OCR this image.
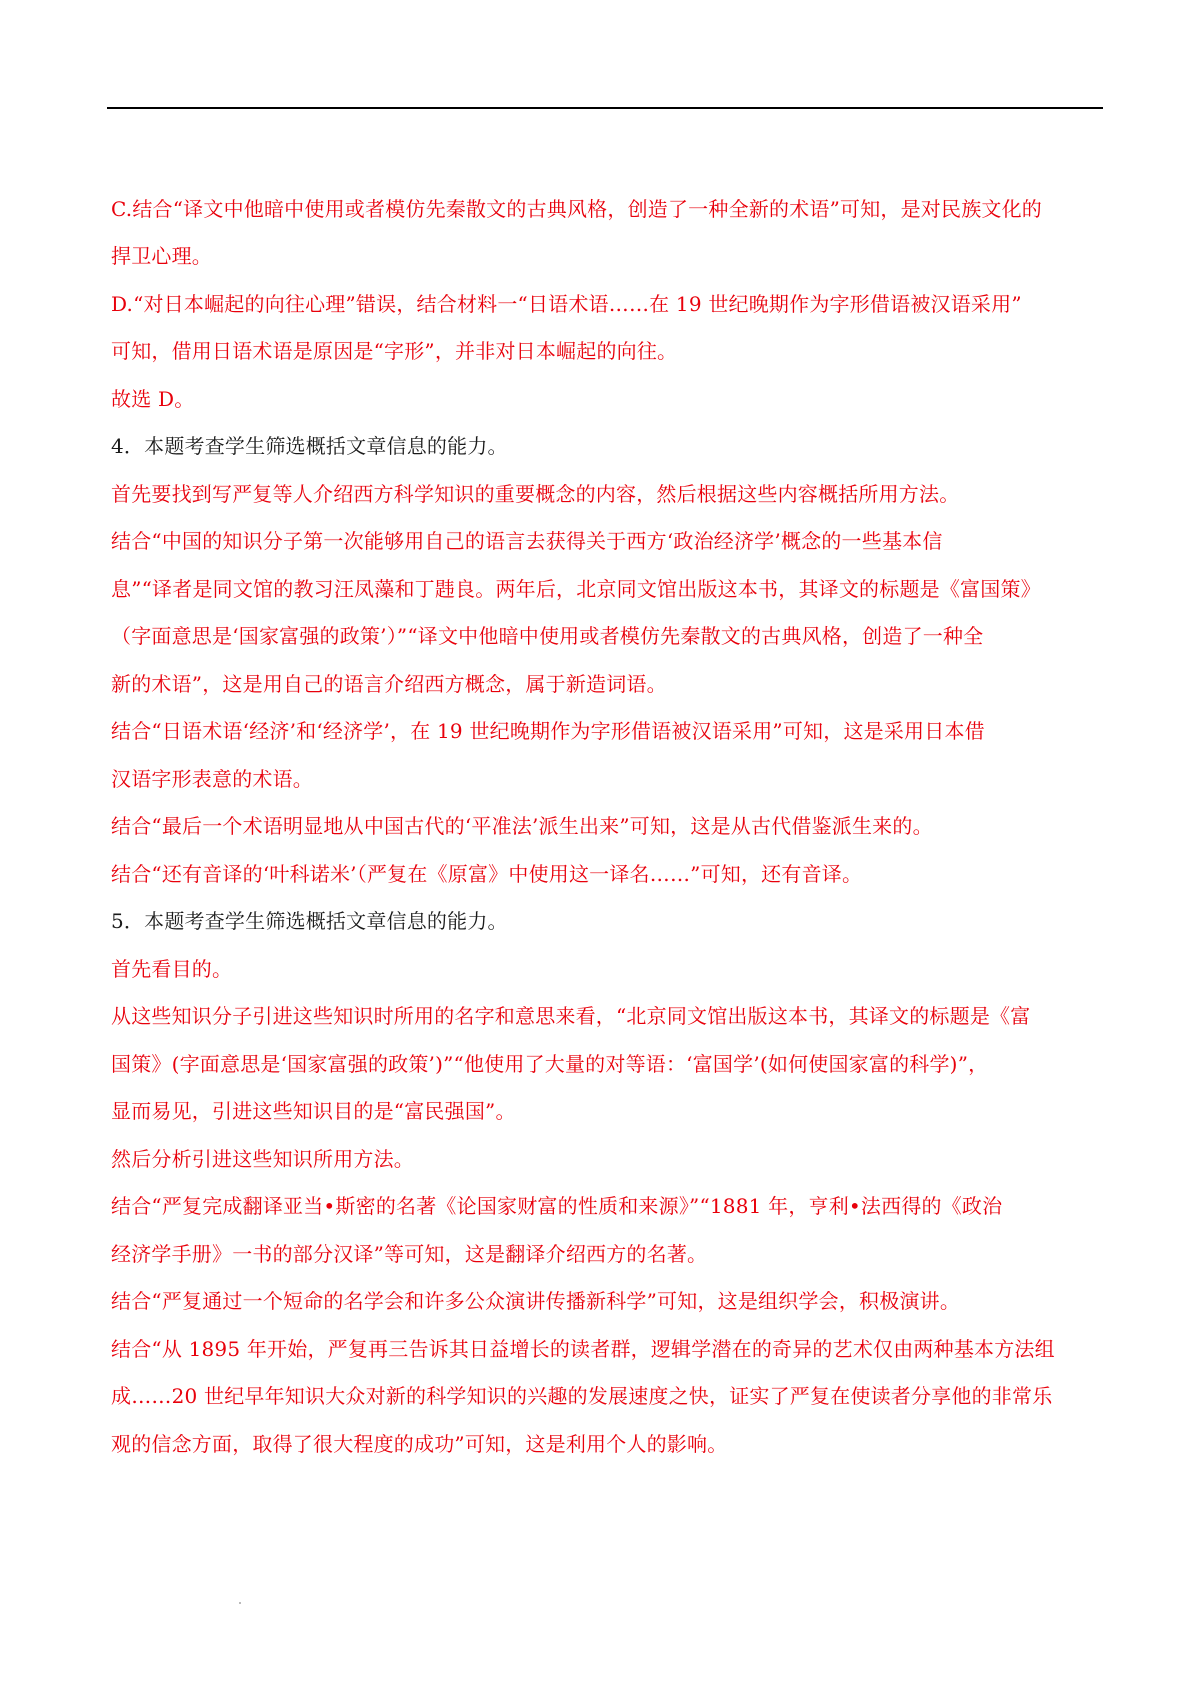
C.结合“译文中他暗中使用或者模仿先秦散文的古典风格，创造了一种全新的术语”可知，是对民族文化的
捍卫心理。
D.“对日本崛起的向往心理”错误，结合材料一“日语术语……在 19 世纪晚期作为字形借语被汉语采用”
可知，借用日语术语是原因是“字形”，并非对日本崛起的向往。
故选 D。
4．本题考查学生筛选概括文章信息的能力。
首先要找到写严复等人介绍西方科学知识的重要概念的内容，然后根据这些内容概括所用方法。
结合“中国的知识分子第一次能够用自己的语言去获得关于西方‘政治经济学’概念的一些基本信
息”“译者是同文馆的教习汪凤藻和丁韪良。两年后，北京同文馆出版这本书，其译文的标题是《富国策》
（字面意思是‘国家富强的政策’）”“译文中他暗中使用或者模仿先秦散文的古典风格，创造了一种全
新的术语”，这是用自己的语言介绍西方概念，属于新造词语。
结合“日语术语‘经济’和‘经济学’，在 19 世纪晚期作为字形借语被汉语采用”可知，这是采用日本借
汉语字形表意的术语。
结合“最后一个术语明显地从中国古代的‘平准法’派生出来”可知，这是从古代借鉴派生来的。
结合“还有音译的‘叶科诺米’（严复在《原富》中使用这一译名……”可知，还有音译。
5．本题考查学生筛选概括文章信息的能力。
首先看目的。
从这些知识分子引进这些知识时所用的名字和意思来看，“北京同文馆出版这本书，其译文的标题是《富
国策》(字面意思是‘国家富强的政策’)”“他使用了大量的对等语：‘富国学’(如何使国家富的科学)”，
显而易见，引进这些知识目的是“富民强国”。
然后分析引进这些知识所用方法。
结合“严复完成翻译亚当•斯密的名著《论国家财富的性质和来源》”“1881 年，亨利•法西得的《政治
经济学手册》一书的部分汉译”等可知，这是翻译介绍西方的名著。
结合“严复通过一个短命的名学会和许多公众演讲传播新科学”可知，这是组织学会，积极演讲。
结合“从 1895 年开始，严复再三告诉其日益增长的读者群，逻辑学潜在的奇异的艺术仅由两种基本方法组
成……20 世纪早年知识大众对新的科学知识的兴趣的发展速度之快，证实了严复在使读者分享他的非常乐
观的信念方面，取得了很大程度的成功”可知，这是利用个人的影响。
